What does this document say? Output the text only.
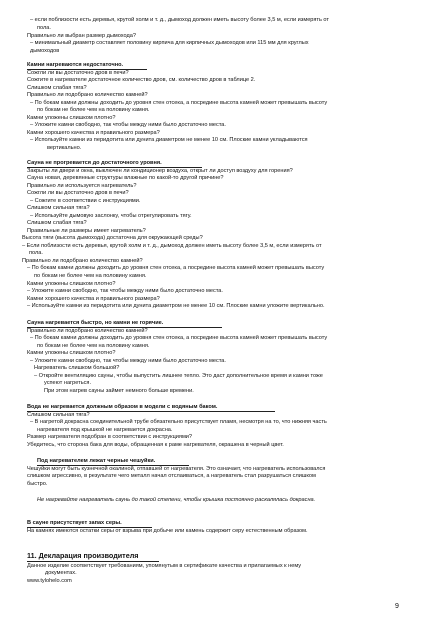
– если поблизости есть деревья, крутой холм и т. д., дымоход должен иметь высоту более 3,5 м, если измерять от
пола.
Правильно ли выбран размер дымохода?
– минимальный диаметр составляет половину кирпича для кирпичных дымоходов или 115 мм для круглых
дымоходов
Камни нагреваются недостаточно.
Сожгли ли вы достаточно дров в печи?
Сожгите в нагревателе достаточное количество дров, см. количество дров в таблице 2.
Слишком слабая тяга?
Правильно ли подобрано количество камней?
– По бокам камни должны доходить до уровня стен отсека, а посредине высота камней может превышать высоту
по бокам не более чем на половину камня.
Камни уложены слишком плотно?
– Уложите камни свободно, так чтобы между ними было достаточно места.
Камни хорошего качества и правильного размера?
– Используйте камни из перидотита или дунита диаметром не менее 10 см. Плоские камни укладываются
вертикально.
Сауна не прогревается до достаточного уровня.
Закрыты ли двери и окна, выключен ли кондиционер воздуха, открыт ли доступ воздуху для горения?
Сауна новая, деревянные структуры влажные по какой-то другой причине?
Правильно ли используется нагреватель?
Сожгли ли вы достаточно дров в печи?
– Сожгите в соответствии с инструкциями.
Слишком сильная тяга?
– Используйте дымовую заслонку, чтобы отрегулировать тягу.
Слишком слабая тяга?
Правильные ли размеры имеет нагреватель?
Высота тяги (высота дымохода) достаточна для окружающей среды?
– Если поблизости есть деревья, крутой холм и т. д., дымоход должен иметь высоту более 3,5 м, если измерять от
пола.
Правильно ли подобрано количество камней?
– По бокам камни должны доходить до уровня стен отсека, а посредине высота камней может превышать высоту
по бокам не более чем на половину камня.
Камни уложены слишком плотно?
– Уложите камни свободно, так чтобы между ними было достаточно места.
Камни хорошего качества и правильного размера?
– Используйте камни из перидотита или дунита диаметром не менее 10 см. Плоские камни уложите вертикально.
Сауна нагревается быстро, но камни не горячие.
Правильно ли подобрано количество камней?
– По бокам камни должны доходить до уровня стен отсека, а посредине высота камней может превышать высоту
по бокам не более чем на половину камня.
Камни уложены слишком плотно?
– Уложите камни свободно, так чтобы между ними было достаточно места.
Нагреватель слишком большой?
– Откройте вентиляцию сауны, чтобы выпустить лишнее тепло. Это даст дополнительное время и камни тоже
успеют нагреться.
При этом нагрев сауны займет немного больше времени.
Вода не нагревается должным образом в модели с водяным баком.
Слишком сильная тяга?
– В нагретой докрасна соединительной трубе обязательно присутствует пламя, несмотря на то, что нижняя часть
нагревателя под крышкой не нагревается докрасна.
Размер нагревателя подобран в соответствии с инструкциями?
Убедитесь, что сторона бака для воды, обращенная к раме нагревателя, окрашена в черный цвет.
Под нагревателем лежат черные чешуйки.
Чешуйки могут быть кузнечной окалиной, отпавшей от нагревателя. Это означает, что нагреватель использовался
слишком агрессивно, в результате чего металл начал отслаиваться, а нагреватель стал разрушаться слишком
быстро.
Не нагревайте нагреватель саунь до такой степени, чтобы крышка постоянно раскалялась докрасна.
В сауне присутствует запах серы.
На камнях имеются остатки серы от взрыва при добыче или камень содержит серу естественным образом.
11. Декларация производителя
Данное изделие соответствует требованиям, упомянутым в сертификате качества и прилагаемых к нему
документах.
www.tylohelo.com
9
